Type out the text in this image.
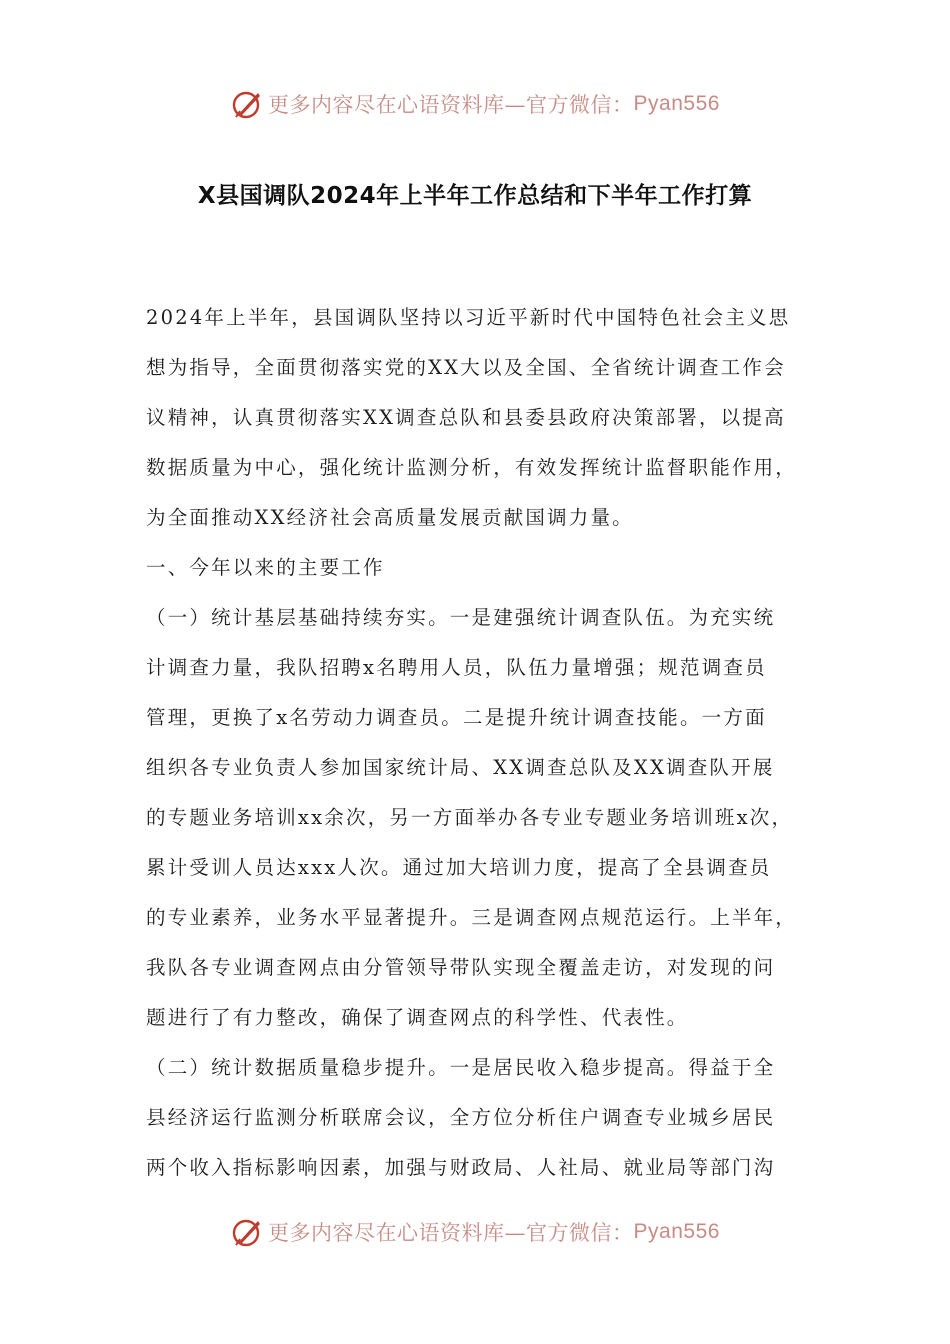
更多内容尽在心语资料库— 官方微信： Pyan556
X县国调队2024年上半年工作总结和下半年工作打算
2024年上半年，县国调队坚持以习近平新时代中国特色社会主义思
想为指导，全面贯彻落实党的XX大以及全国、全省统计调查工作会
议精神，认真贯彻落实XX调查总队和县委县政府决策部署，以提高
数据质量为中心，强化统计监测分析，有效发挥统计监督职能作用，
为全面推动XX经济社会高质量发展贡献国调力量。
一、今年以来的主要工作
（一）统计基层基础持续夯实。一是建强统计调查队伍。为充实统
计调查力量，我队招聘x名聘用人员，队伍力量增强；规范调查员
管理，更换了x名劳动力调查员。二是提升统计调查技能。一方面
组织各专业负责人参加国家统计局、XX调查总队及XX调查队开展
的专题业务培训xx余次，另一方面举办各专业专题业务培训班x次，
累计受训人员达xxx人次。通过加大培训力度，提高了全县调查员
的专业素养，业务水平显著提升。三是调查网点规范运行。上半年，
我队各专业调查网点由分管领导带队实现全覆盖走访，对发现的问
题进行了有力整改，确保了调查网点的科学性、代表性。
（二）统计数据质量稳步提升。一是居民收入稳步提高。得益于全
县经济运行监测分析联席会议，全方位分析住户调查专业城乡居民
两个收入指标影响因素，加强与财政局、人社局、就业局等部门沟
更多内容尽在心语资料库— 官方微信： Pyan556
